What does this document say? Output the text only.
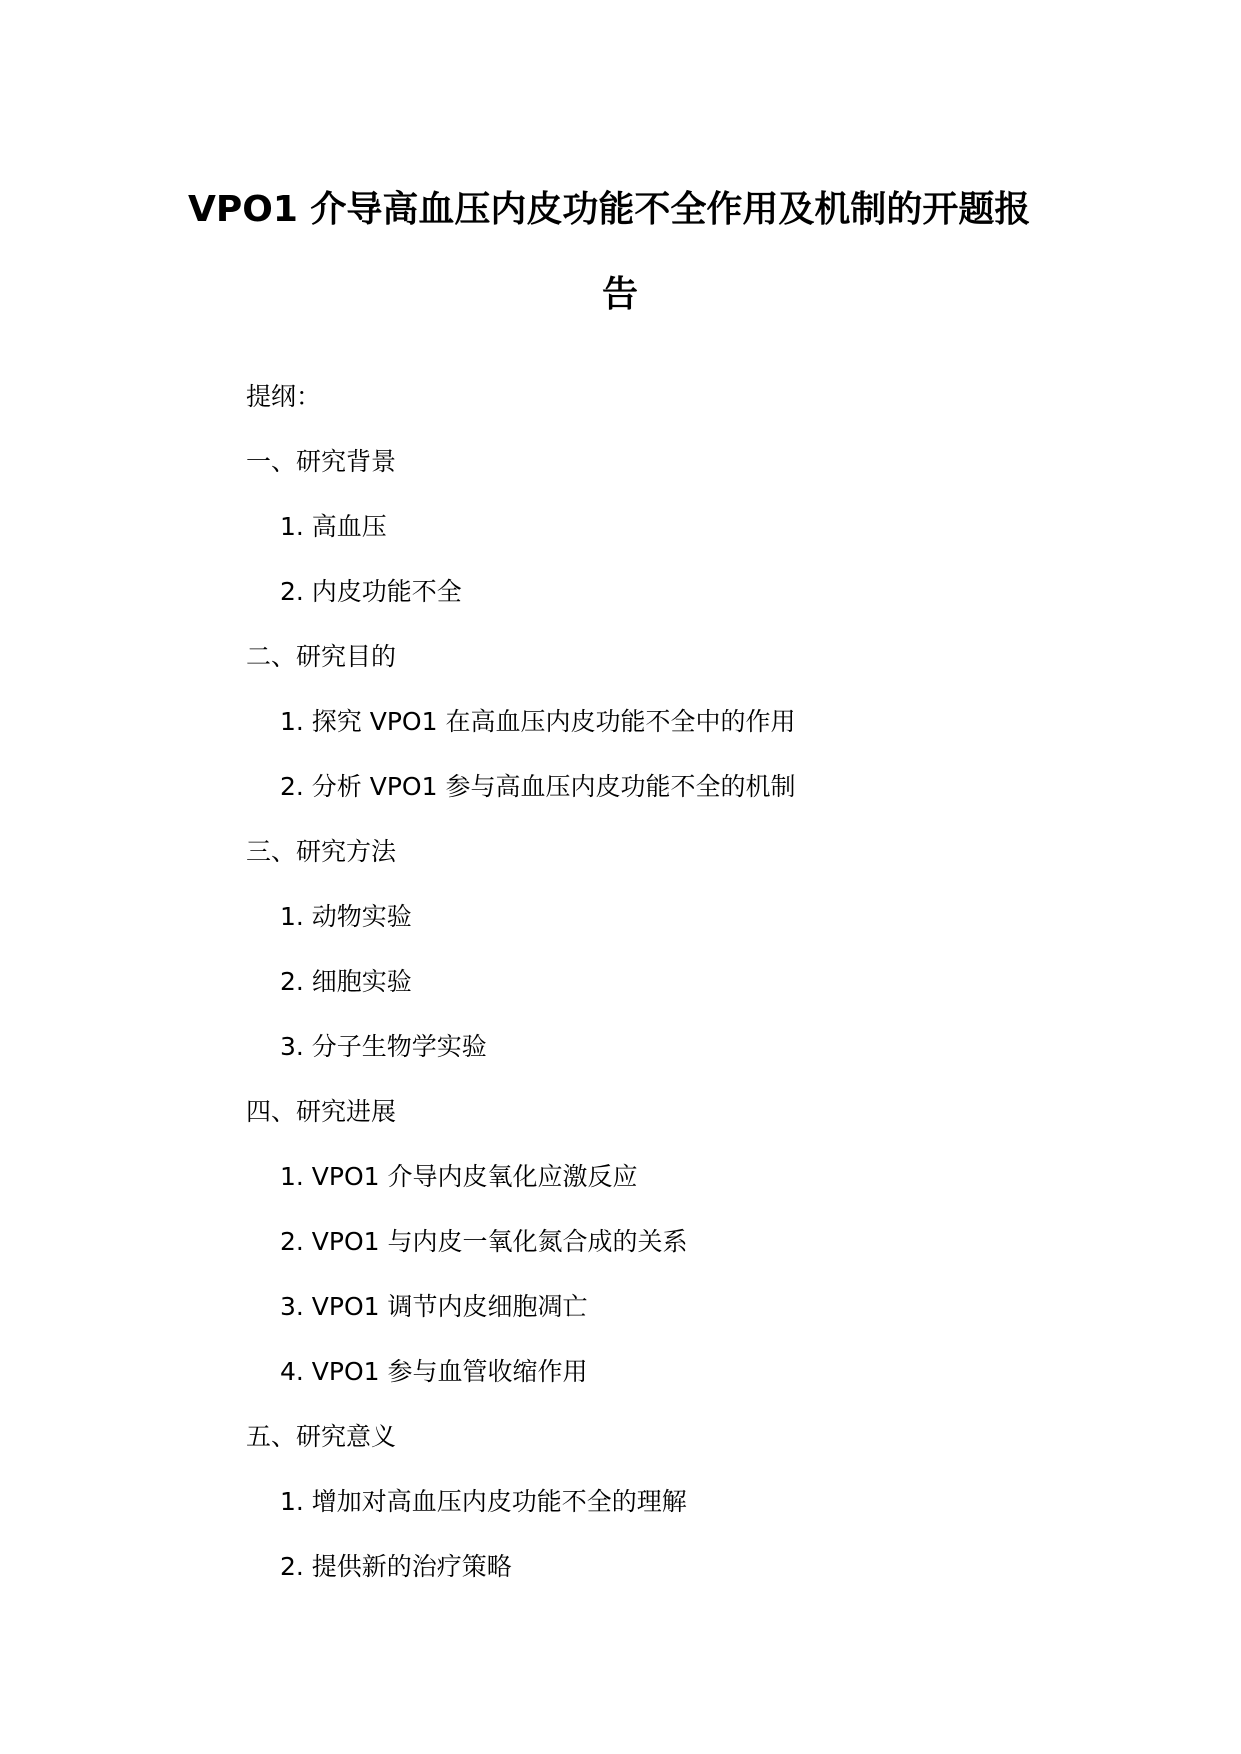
VPO1 介导高血压内皮功能不全作用及机制的开题报
告
提纲：
一、研究背景
1. 高血压
2. 内皮功能不全
二、研究目的
1. 探究 VPO1 在高血压内皮功能不全中的作用
2. 分析 VPO1 参与高血压内皮功能不全的机制
三、研究方法
1. 动物实验
2. 细胞实验
3. 分子生物学实验
四、研究进展
1. VPO1 介导内皮氧化应激反应
2. VPO1 与内皮一氧化氮合成的关系
3. VPO1 调节内皮细胞凋亡
4. VPO1 参与血管收缩作用
五、研究意义
1. 增加对高血压内皮功能不全的理解
2. 提供新的治疗策略
